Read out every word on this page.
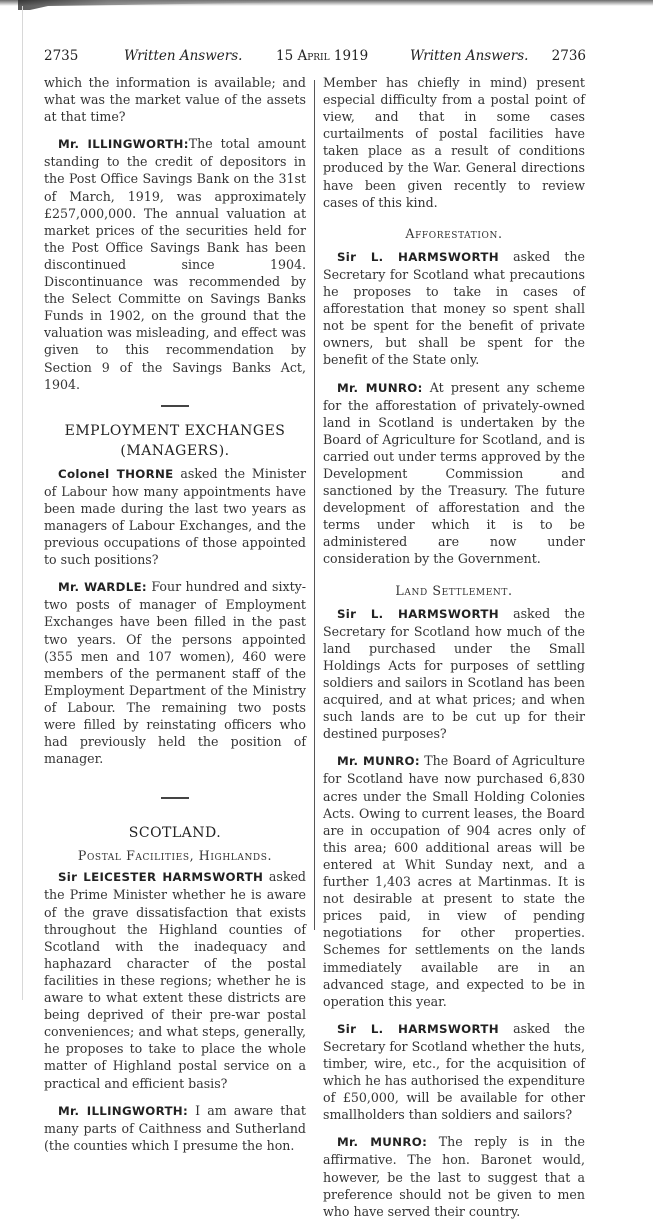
2735	Written Answers. 15 April 1919	Written Answers. 2736

which the information is available; and what was the market value of the assets at that time?

Mr. ILLINGWORTH:The total amount standing to the credit of depositors in the Post Office Savings Bank on the 31st of March, 1919, was approximately £257,000,000. The annual valuation at market prices of the securities held for the Post Office Savings Bank has been discontinued since 1904. Discontinuance was recommended by the Select Committe on Savings Banks Funds in 1902, on the ground that the valuation was misleading, and effect was given to this recommendation by Section 9 of the Savings Banks Act, 1904.

EMPLOYMENT EXCHANGES
(MANAGERS).

Colonel THORNE asked the Minister of Labour how many appointments have been made during the last two years as managers of Labour Exchanges, and the previous occupations of those appointed to such positions?

Mr. WARDLE: Four hundred and sixty-two posts of manager of Employment Exchanges have been filled in the past two years. Of the persons appointed (355 men and 107 women), 460 were members of the permanent staff of the Employment Department of the Ministry of Labour. The remaining two posts were filled by reinstating officers who had previously held the position of manager.

SCOTLAND.
Postal Facilities, Highlands.

Sir LEICESTER HARMSWORTH asked the Prime Minister whether he is aware of the grave dissatisfaction that exists throughout the Highland counties of Scotland with the inadequacy and haphazard character of the postal facilities in these regions; whether he is aware to what extent these districts are being deprived of their pre-war postal conveniences; and what steps, generally, he proposes to take to place the whole matter of Highland postal service on a practical and efficient basis?

Mr. ILLINGWORTH: I am aware that many parts of Caithness and Sutherland (the counties which I presume the hon.

Member has chiefly in mind) present especial difficulty from a postal point of view, and that in some cases curtailments of postal facilities have taken place as a result of conditions produced by the War. General directions have been given recently to review cases of this kind.

Afforestation.

Sir L. HARMSWORTH asked the Secretary for Scotland what precautions he proposes to take in cases of afforestation that money so spent shall not be spent for the benefit of private owners, but shall be spent for the benefit of the State only.

Mr. MUNRO: At present any scheme for the afforestation of privately-owned land in Scotland is undertaken by the Board of Agriculture for Scotland, and is carried out under terms approved by the Development Commission and sanctioned by the Treasury. The future development of afforestation and the terms under which it is to be administered are now under consideration by the Government.

Land Settlement.

Sir L. HARMSWORTH asked the Secretary for Scotland how much of the land purchased under the Small Holdings Acts for purposes of settling soldiers and sailors in Scotland has been acquired, and at what prices; and when such lands are to be cut up for their destined purposes?

Mr. MUNRO: The Board of Agriculture for Scotland have now purchased 6,830 acres under the Small Holding Colonies Acts. Owing to current leases, the Board are in occupation of 904 acres only of this area; 600 additional areas will be entered at Whit Sunday next, and a further 1,403 acres at Martinmas. It is not desirable at present to state the prices paid, in view of pending negotiations for other properties. Schemes for settlements on the lands immediately available are in an advanced stage, and expected to be in operation this year.

Sir L. HARMSWORTH asked the Secretary for Scotland whether the huts, timber, wire, etc., for the acquisition of which he has authorised the expenditure of £50,000, will be available for other smallholders than soldiers and sailors?

Mr. MUNRO: The reply is in the affirmative. The hon. Baronet would, however, be the last to suggest that a preference should not be given to men who have served their country.
